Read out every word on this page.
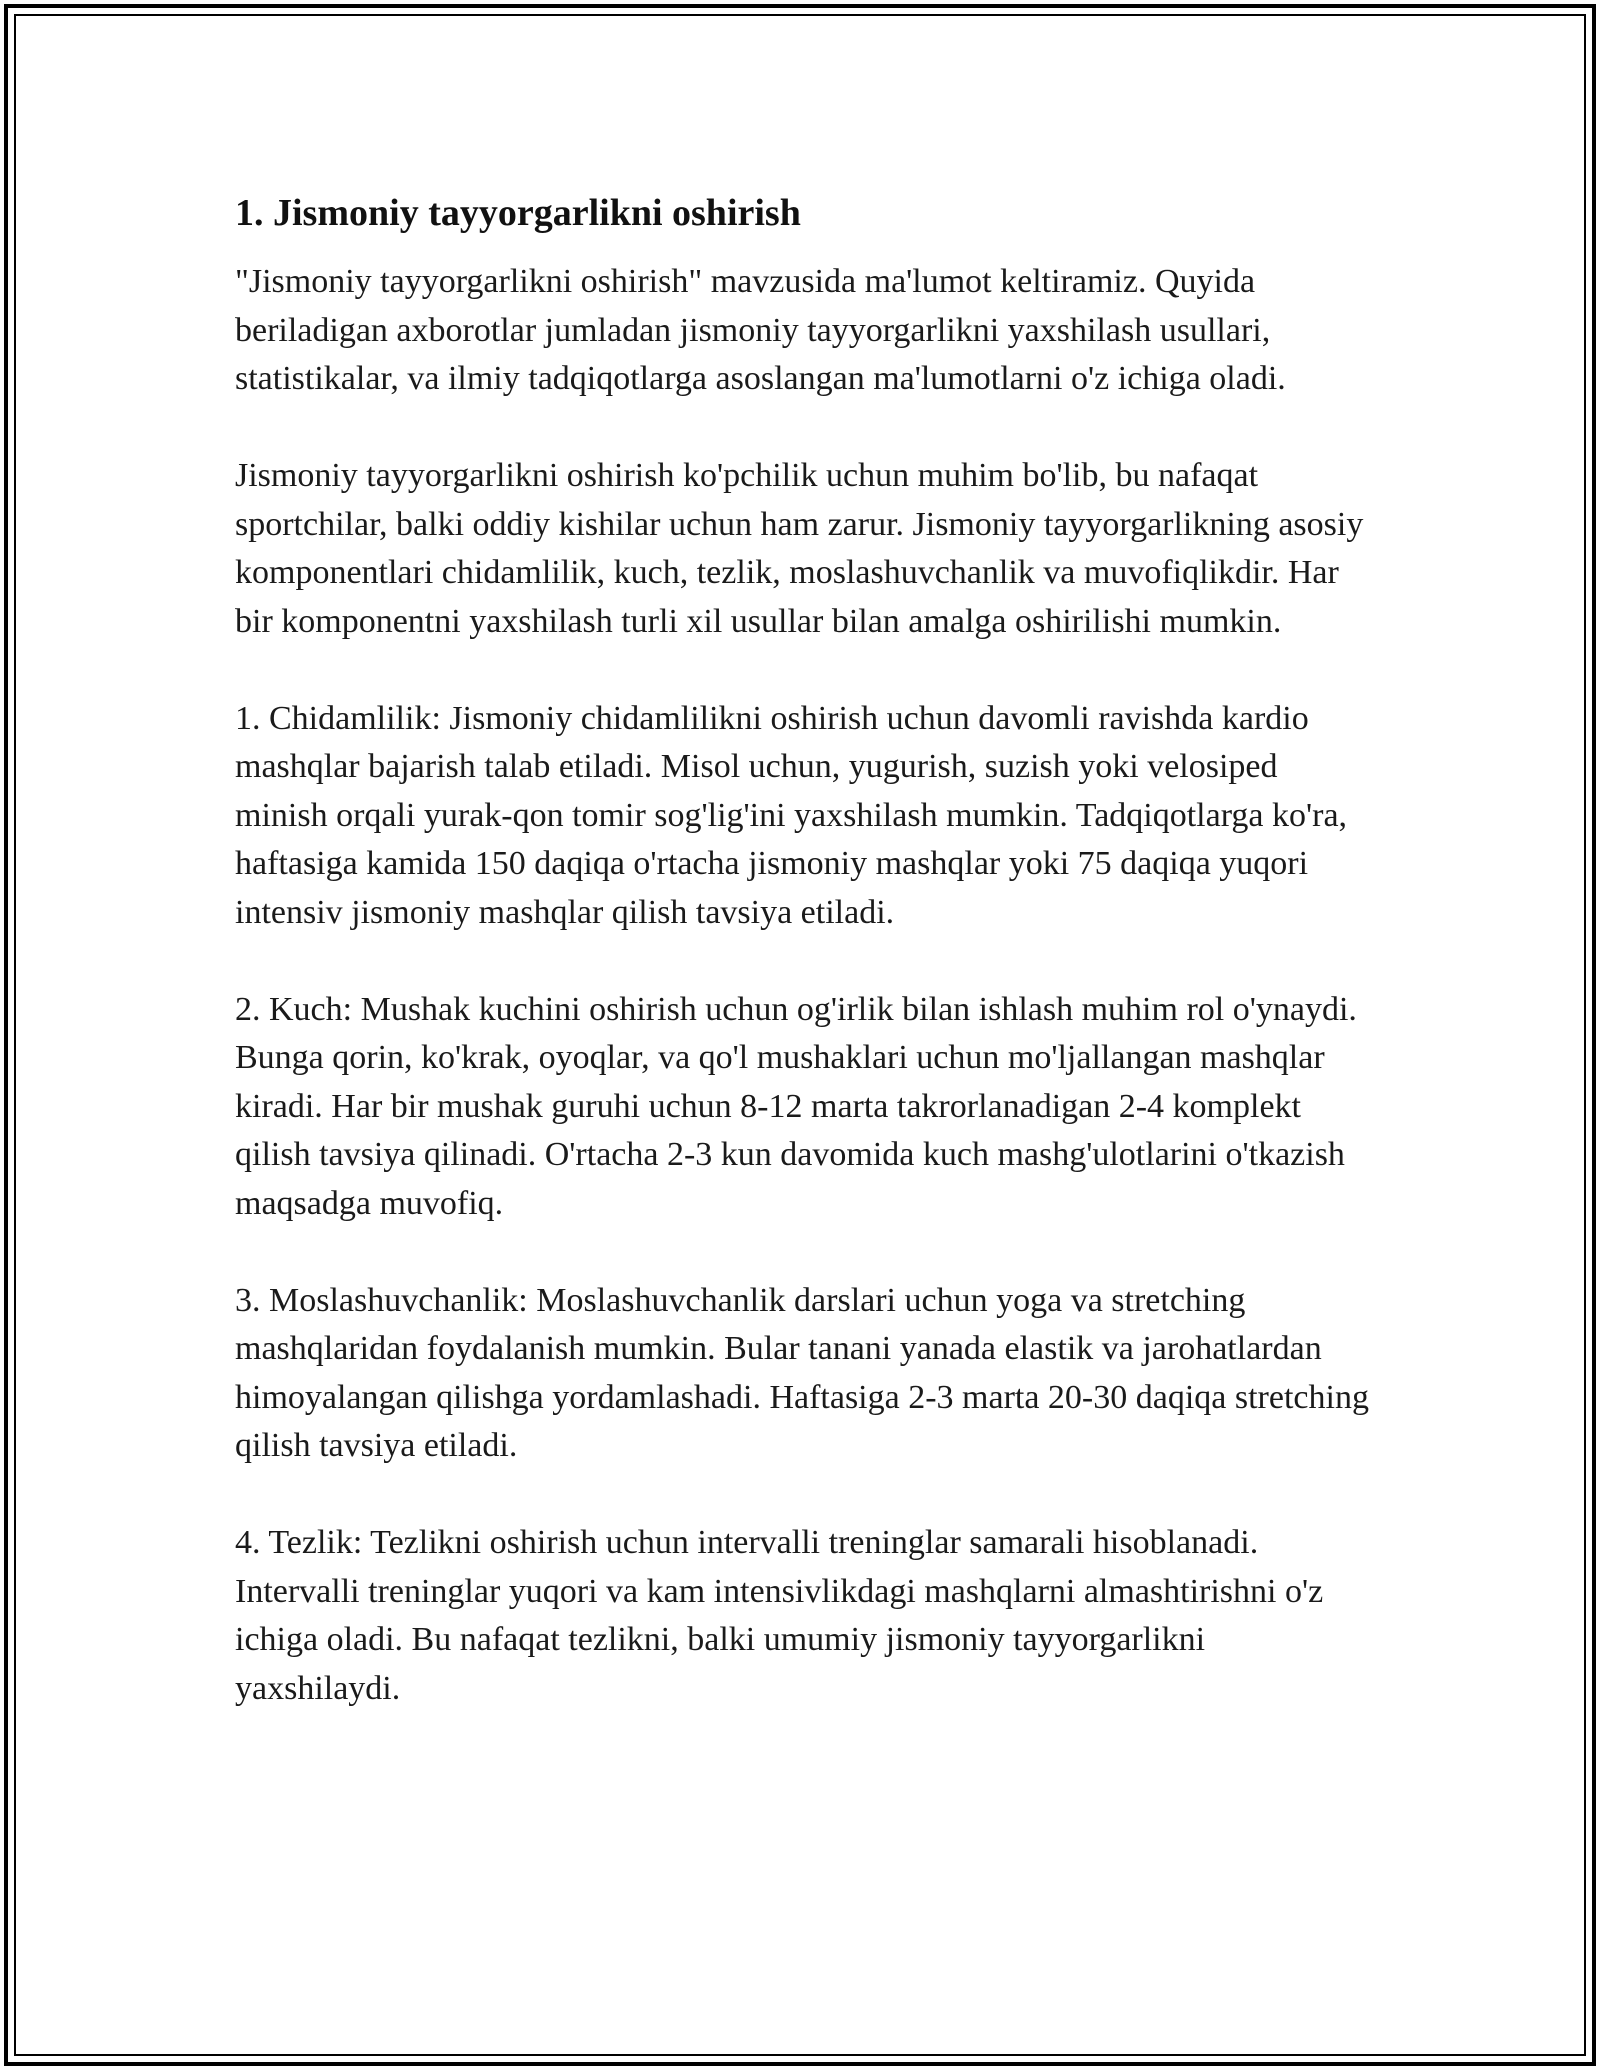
1. Jismoniy tayyorgarlikni oshirish

"Jismoniy tayyorgarlikni oshirish" mavzusida ma'lumot keltiramiz. Quyida beriladigan axborotlar jumladan jismoniy tayyorgarlikni yaxshilash usullari, statistikalar, va ilmiy tadqiqotlarga asoslangan ma'lumotlarni o'z ichiga oladi.

Jismoniy tayyorgarlikni oshirish ko'pchilik uchun muhim bo'lib, bu nafaqat sportchilar, balki oddiy kishilar uchun ham zarur. Jismoniy tayyorgarlikning asosiy komponentlari chidamlilik, kuch, tezlik, moslashuvchanlik va muvofiqlikdir. Har bir komponentni yaxshilash turli xil usullar bilan amalga oshirilishi mumkin.

1. Chidamlilik: Jismoniy chidamlilikni oshirish uchun davomli ravishda kardio mashqlar bajarish talab etiladi. Misol uchun, yugurish, suzish yoki velosiped minish orqali yurak-qon tomir sog'lig'ini yaxshilash mumkin. Tadqiqotlarga ko'ra, haftasiga kamida 150 daqiqa o'rtacha jismoniy mashqlar yoki 75 daqiqa yuqori intensiv jismoniy mashqlar qilish tavsiya etiladi.

2. Kuch: Mushak kuchini oshirish uchun og'irlik bilan ishlash muhim rol o'ynaydi. Bunga qorin, ko'krak, oyoqlar, va qo'l mushaklari uchun mo'ljallangan mashqlar kiradi. Har bir mushak guruhi uchun 8-12 marta takrorlanadigan 2-4 komplekt qilish tavsiya qilinadi. O'rtacha 2-3 kun davomida kuch mashg'ulotlarini o'tkazish maqsadga muvofiq.

3. Moslashuvchanlik: Moslashuvchanlik darslari uchun yoga va stretching mashqlaridan foydalanish mumkin. Bular tanani yanada elastik va jarohatlardan himoyalangan qilishga yordamlashadi. Haftasiga 2-3 marta 20-30 daqiqa stretching qilish tavsiya etiladi.

4. Tezlik: Tezlikni oshirish uchun intervalli treninglar samarali hisoblanadi. Intervalli treninglar yuqori va kam intensivlikdagi mashqlarni almashtirishni o'z ichiga oladi. Bu nafaqat tezlikni, balki umumiy jismoniy tayyorgarlikni yaxshilaydi.
